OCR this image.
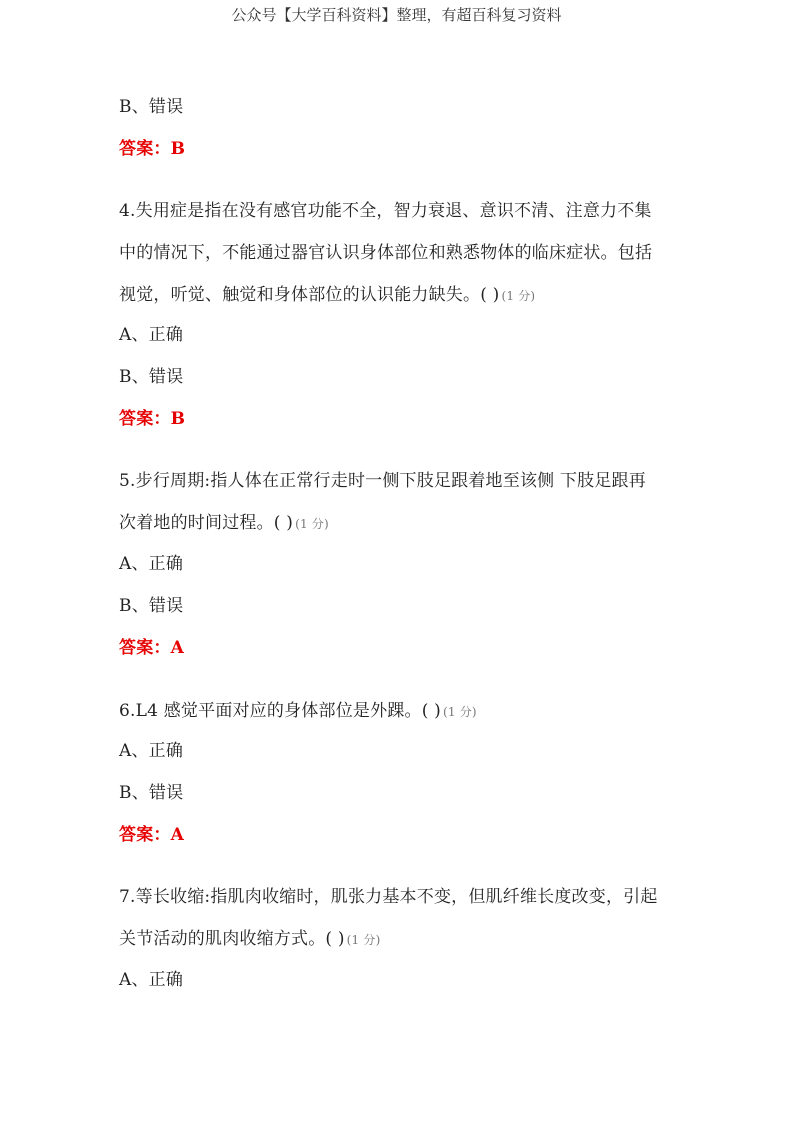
公众号【大学百科资料】整理，有超百科复习资料
B、错误
答案：B
4.失用症是指在没有感官功能不全，智力衰退、意识不清、注意力不集
中的情况下，不能通过器官认识身体部位和熟悉物体的临床症状。包括
视觉，听觉、触觉和身体部位的认识能力缺失。( ) (1 分)
A、正确
B、错误
答案：B
5.步行周期:指人体在正常行走时一侧下肢足跟着地至该侧 下肢足跟再
次着地的时间过程。( ) (1 分)
A、正确
B、错误
答案：A
6.L4 感觉平面对应的身体部位是外踝。( ) (1 分)
A、正确
B、错误
答案：A
7.等长收缩:指肌肉收缩时，肌张力基本不变，但肌纤维长度改变，引起
关节活动的肌肉收缩方式。( ) (1 分)
A、正确
